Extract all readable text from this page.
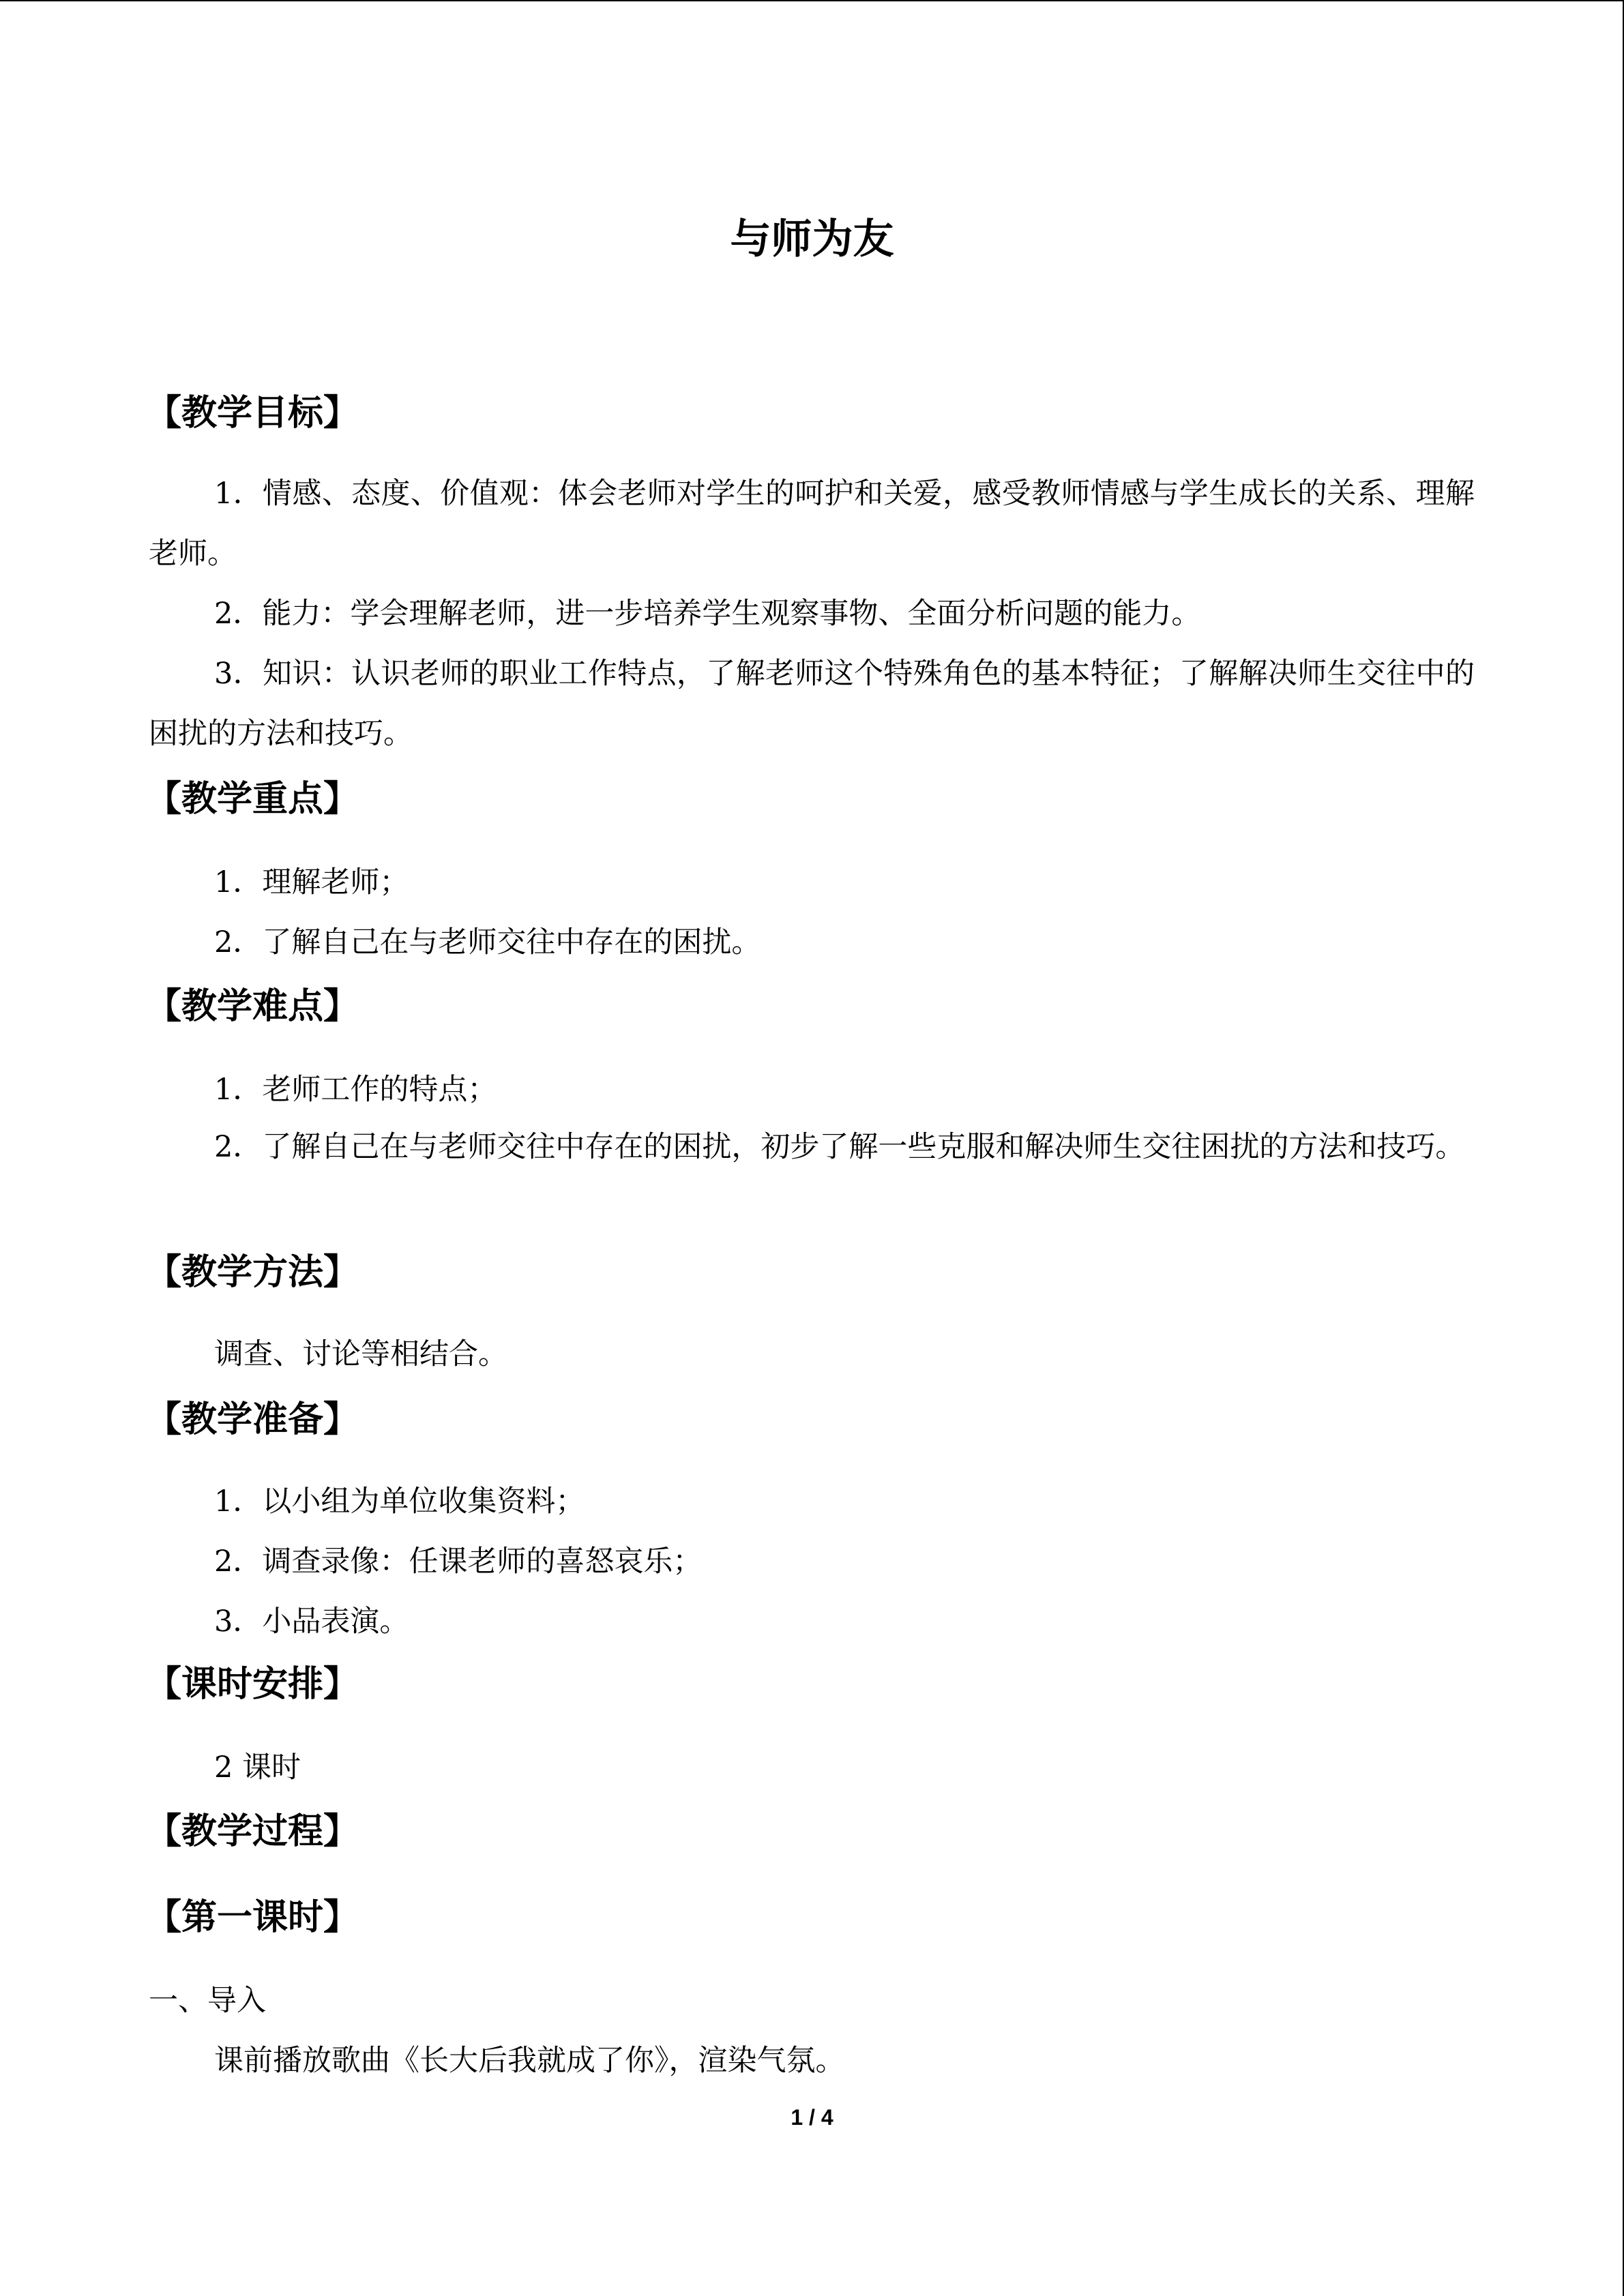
与师为友
【教学目标】

1．情感、态度、价值观：体会老师对学生的呵护和关爱，感受教师情感与学生成长的关系、理解老师。

2．能力：学会理解老师，进一步培养学生观察事物、全面分析问题的能力。

3．知识：认识老师的职业工作特点，了解老师这个特殊角色的基本特征；了解解决师生交往中的困扰的方法和技巧。

【教学重点】

1．理解老师；

2．了解自己在与老师交往中存在的困扰。

【教学难点】

1．老师工作的特点；

2．了解自己在与老师交往中存在的困扰，初步了解一些克服和解决师生交往困扰的方法和技巧。

【教学方法】

调查、讨论等相结合。

【教学准备】

1．以小组为单位收集资料；

2．调查录像：任课老师的喜怒哀乐；

3．小品表演。

【课时安排】

2 课时

【教学过程】
【第一课时】

一、导入

课前播放歌曲《长大后我就成了你》，渲染气氛。

1 / 4
